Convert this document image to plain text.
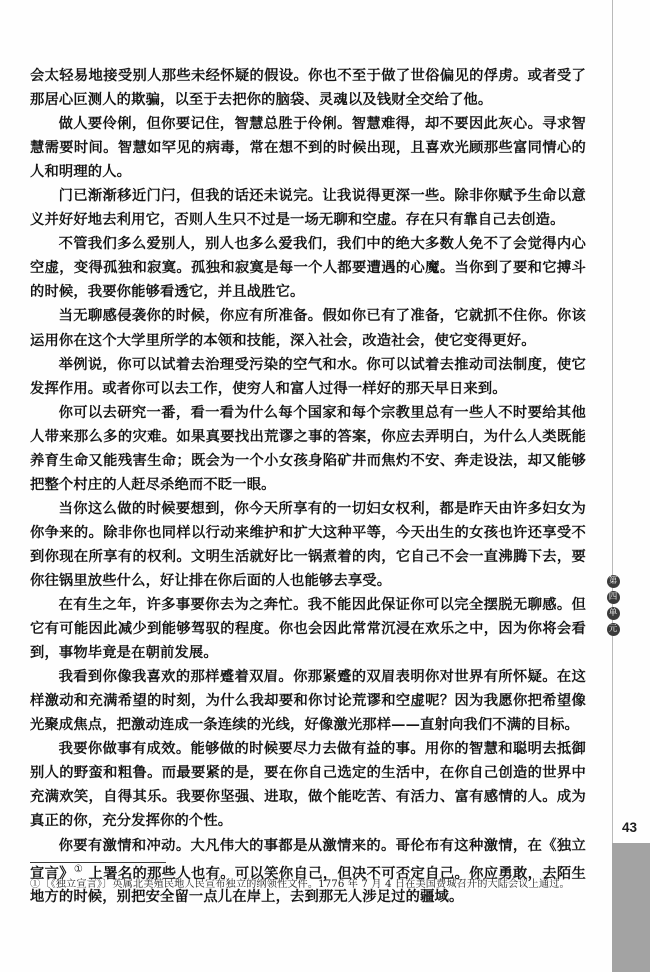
第
四
单
元
43

会太轻易地接受别人那些未经怀疑的假设。你也不至于做了世俗偏见的俘虏。或者受了那居心叵测人的欺骗，以至于去把你的脑袋、灵魂以及钱财全交给了他。

做人要伶俐，但你要记住，智慧总胜于伶俐。智慧难得，却不要因此灰心。寻求智慧需要时间。智慧如罕见的病毒，常在想不到的时候出现，且喜欢光顾那些富同情心的人和明理的人。

门已渐渐移近门闩，但我的话还未说完。让我说得更深一些。除非你赋予生命以意义并好好地去利用它，否则人生只不过是一场无聊和空虚。存在只有靠自己去创造。

不管我们多么爱别人，别人也多么爱我们，我们中的绝大多数人免不了会觉得内心空虚，变得孤独和寂寞。孤独和寂寞是每一个人都要遭遇的心魔。当你到了要和它搏斗的时候，我要你能够看透它，并且战胜它。

当无聊感侵袭你的时候，你应有所准备。假如你已有了准备，它就抓不住你。你该运用你在这个大学里所学的本领和技能，深入社会，改造社会，使它变得更好。

举例说，你可以试着去治理受污染的空气和水。你可以试着去推动司法制度，使它发挥作用。或者你可以去工作，使穷人和富人过得一样好的那天早日来到。

你可以去研究一番，看一看为什么每个国家和每个宗教里总有一些人不时要给其他人带来那么多的灾难。如果真要找出荒谬之事的答案，你应去弄明白，为什么人类既能养育生命又能残害生命；既会为一个小女孩身陷矿井而焦灼不安、奔走设法，却又能够把整个村庄的人赶尽杀绝而不眨一眼。

当你这么做的时候要想到，你今天所享有的一切妇女权利，都是昨天由许多妇女为你争来的。除非你也同样以行动来维护和扩大这种平等，今天出生的女孩也许还享受不到你现在所享有的权利。文明生活就好比一锅煮着的肉，它自己不会一直沸腾下去，要你往锅里放些什么，好让排在你后面的人也能够去享受。

在有生之年，许多事要你去为之奔忙。我不能因此保证你可以完全摆脱无聊感。但它有可能因此减少到能够驾驭的程度。你也会因此常常沉浸在欢乐之中，因为你将会看到，事物毕竟是在朝前发展。

我看到你像我喜欢的那样蹙着双眉。你那紧蹙的双眉表明你对世界有所怀疑。在这样激动和充满希望的时刻，为什么我却要和你讨论荒谬和空虚呢？因为我愿你把希望像光聚成焦点，把激动连成一条连续的光线，好像激光那样——直射向我们不满的目标。

我要你做事有成效。能够做的时候要尽力去做有益的事。用你的智慧和聪明去抵御别人的野蛮和粗鲁。而最要紧的是，要在你自己选定的生活中，在你自己创造的世界中充满欢笑，自得其乐。我要你坚强、进取，做个能吃苦、有活力、富有感情的人。成为真正的你，充分发挥你的个性。

你要有激情和冲动。大凡伟大的事都是从激情来的。哥伦布有这种激情，在《独立宣言》① 上署名的那些人也有。可以笑你自己，但决不可否定自己。你应勇敢，去陌生地方的时候，别把安全留一点儿在岸上，去到那无人涉足过的疆域。

①〔《独立宣言》〕英属北美殖民地人民宣布独立的纲领性文件。1776 年 7 月 4 日在美国费城召开的大陆会议上通过。
